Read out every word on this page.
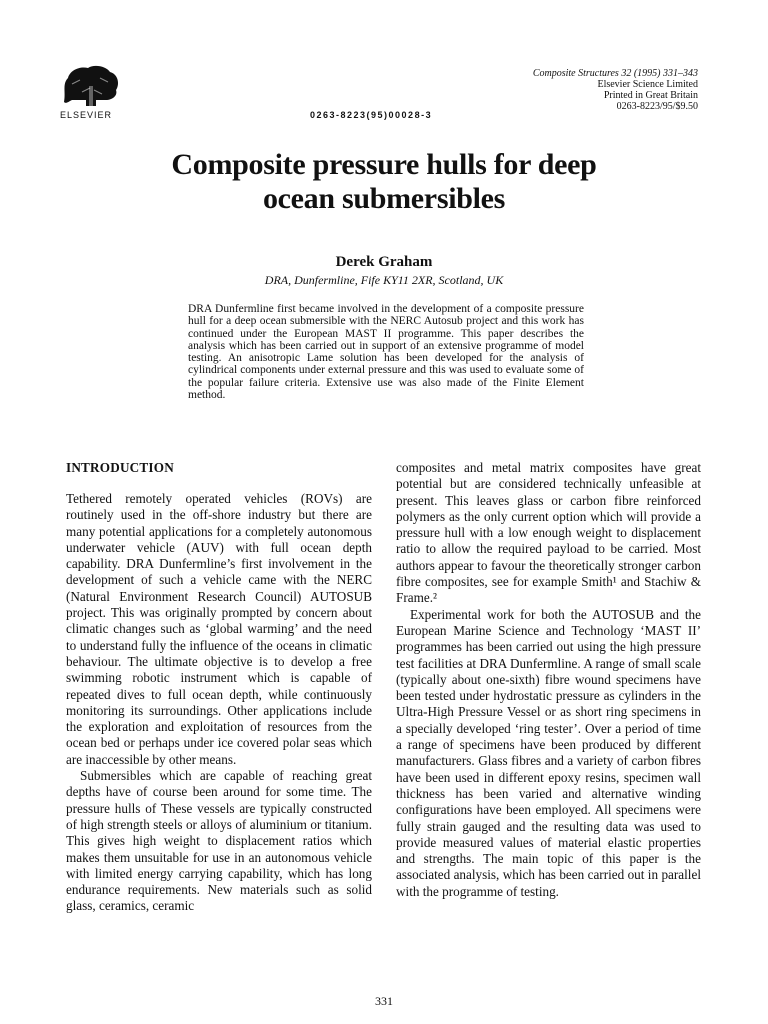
ELSEVIER	0263-8223(95)00028-3
Composite Structures 32 (1995) 331–343
Elsevier Science Limited
Printed in Great Britain
0263-8223/95/$9.50
Composite pressure hulls for deep ocean submersibles
Derek Graham
DRA, Dunfermline, Fife KY11 2XR, Scotland, UK

DRA Dunfermline first became involved in the development of a composite pressure hull for a deep ocean submersible with the NERC Autosub project and this work has continued under the European MAST II programme. This paper describes the analysis which has been carried out in support of an extensive programme of model testing. An anisotropic Lame solution has been developed for the analysis of cylindrical components under external pressure and this was used to evaluate some of the popular failure criteria. Extensive use was also made of the Finite Element method.

INTRODUCTION

Tethered remotely operated vehicles (ROVs) are routinely used in the off-shore industry but there are many potential applications for a completely autonomous underwater vehicle (AUV) with full ocean depth capability. DRA Dunfermline’s first involvement in the development of such a vehicle came with the NERC (Natural Environment Research Council) AUTOSUB project. This was originally prompted by concern about climatic changes such as ‘global warming’ and the need to understand fully the influence of the oceans in climatic behaviour. The ultimate objective is to develop a free swimming robotic instrument which is capable of repeated dives to full ocean depth, while continuously monitoring its surroundings. Other applications include the exploration and exploitation of resources from the ocean bed or perhaps under ice covered polar seas which are inaccessible by other means.

Submersibles which are capable of reaching great depths have of course been around for some time. The pressure hulls of These vessels are typically constructed of high strength steels or alloys of aluminium or titanium. This gives high weight to displacement ratios which makes them unsuitable for use in an autonomous vehicle with limited energy carrying capability, which has long endurance requirements. New materials such as solid glass, ceramics, ceramic

composites and metal matrix composites have great potential but are considered technically unfeasible at present. This leaves glass or carbon fibre reinforced polymers as the only current option which will provide a pressure hull with a low enough weight to displacement ratio to allow the required payload to be carried. Most authors appear to favour the theoretically stronger carbon fibre composites, see for example Smith¹ and Stachiw & Frame.²

Experimental work for both the AUTOSUB and the European Marine Science and Technology ‘MAST II’ programmes has been carried out using the high pressure test facilities at DRA Dunfermline. A range of small scale (typically about one-sixth) fibre wound specimens have been tested under hydrostatic pressure as cylinders in the Ultra-High Pressure Vessel or as short ring specimens in a specially developed ‘ring tester’. Over a period of time a range of specimens have been produced by different manufacturers. Glass fibres and a variety of carbon fibres have been used in different epoxy resins, specimen wall thickness has been varied and alternative winding configurations have been employed. All specimens were fully strain gauged and the resulting data was used to provide measured values of material elastic properties and strengths. The main topic of this paper is the associated analysis, which has been carried out in parallel with the programme of testing.

331
